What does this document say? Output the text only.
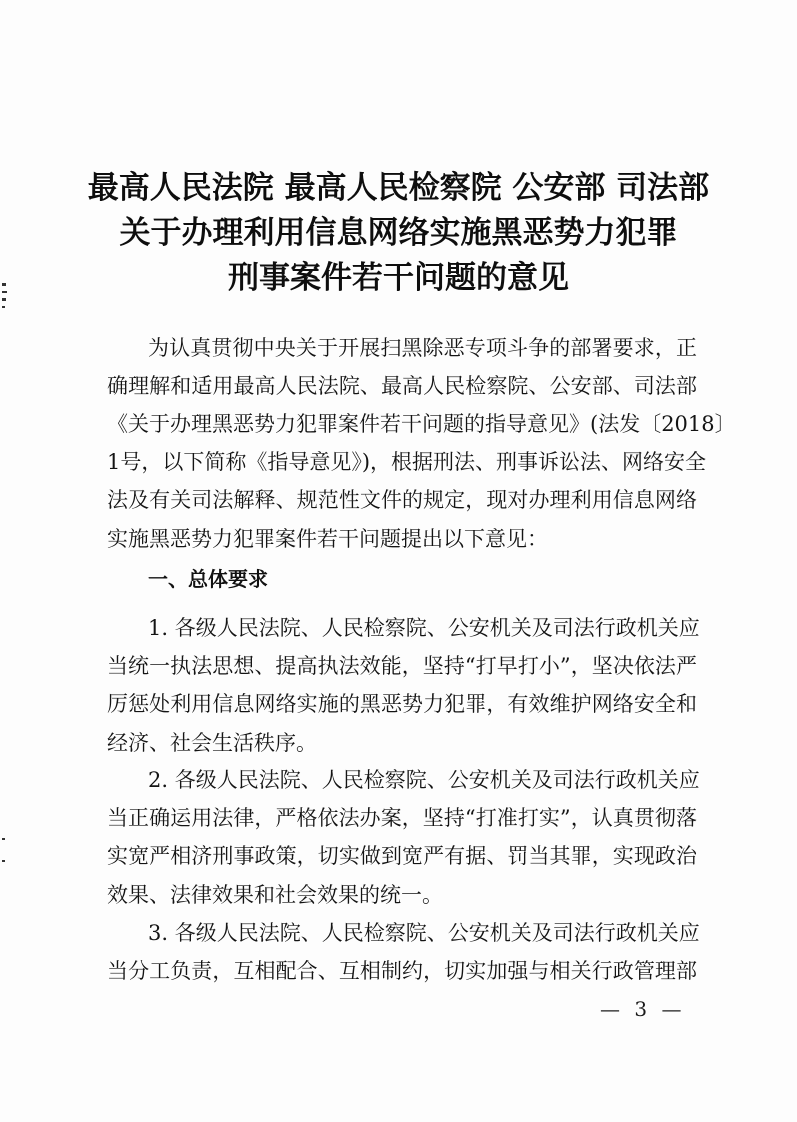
最高人民法院 最高人民检察院 公安部 司法部
关于办理利用信息网络实施黑恶势力犯罪
刑事案件若干问题的意见
为认真贯彻中央关于开展扫黑除恶专项斗争的部署要求，正
确理解和适用最高人民法院、最高人民检察院、公安部、司法部
《关于办理黑恶势力犯罪案件若干问题的指导意见》(法发〔2018〕
1号，以下简称《指导意见》)，根据刑法、刑事诉讼法、网络安全
法及有关司法解释、规范性文件的规定，现对办理利用信息网络
实施黑恶势力犯罪案件若干问题提出以下意见：
一、总体要求
1. 各级人民法院、人民检察院、公安机关及司法行政机关应
当统一执法思想、提高执法效能，坚持“打早打小”，坚决依法严
厉惩处利用信息网络实施的黑恶势力犯罪，有效维护网络安全和
经济、社会生活秩序。
2. 各级人民法院、人民检察院、公安机关及司法行政机关应
当正确运用法律，严格依法办案，坚持“打准打实”，认真贯彻落
实宽严相济刑事政策，切实做到宽严有据、罚当其罪，实现政治
效果、法律效果和社会效果的统一。
3. 各级人民法院、人民检察院、公安机关及司法行政机关应
当分工负责，互相配合、互相制约，切实加强与相关行政管理部
— 3 —
